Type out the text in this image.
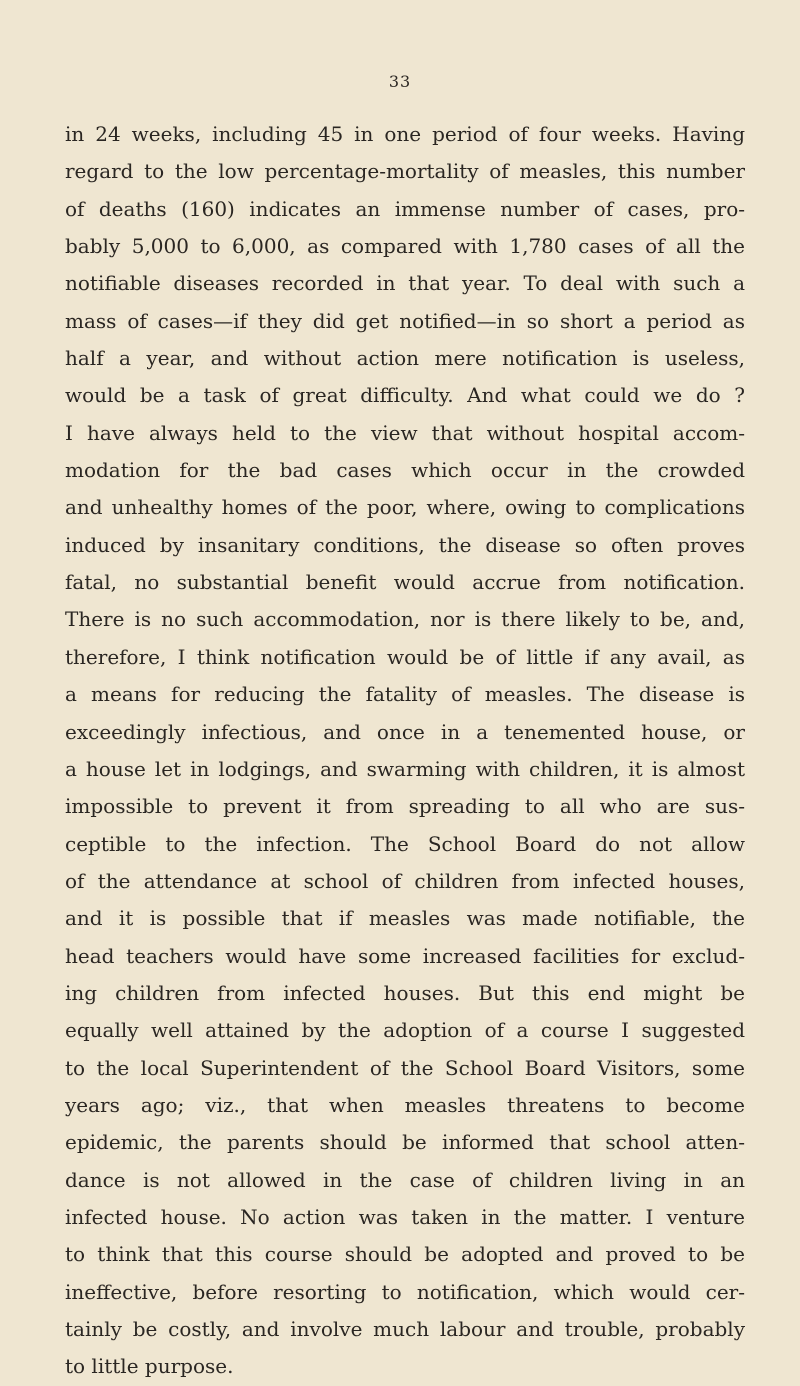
33
in 24 weeks, including 45 in one period of four weeks. Having
regard to the low percentage-mortality of measles, this number
of deaths (160) indicates an immense number of cases, pro-
bably 5,000 to 6,000, as compared with 1,780 cases of all the
notifiable diseases recorded in that year. To deal with such a
mass of cases—if they did get notified—in so short a period as
half a year, and without action mere notification is useless,
would be a task of great difficulty. And what could we do ?
I have always held to the view that without hospital accom-
modation for the bad cases which occur in the crowded
and unhealthy homes of the poor, where, owing to complications
induced by insanitary conditions, the disease so often proves
fatal, no substantial benefit would accrue from notification.
There is no such accommodation, nor is there likely to be, and,
therefore, I think notification would be of little if any avail, as
a means for reducing the fatality of measles. The disease is
exceedingly infectious, and once in a tenemented house, or
a house let in lodgings, and swarming with children, it is almost
impossible to prevent it from spreading to all who are sus-
ceptible to the infection. The School Board do not allow
of the attendance at school of children from infected houses,
and it is possible that if measles was made notifiable, the
head teachers would have some increased facilities for exclud-
ing children from infected houses. But this end might be
equally well attained by the adoption of a course I suggested
to the local Superintendent of the School Board Visitors, some
years ago; viz., that when measles threatens to become
epidemic, the parents should be informed that school atten-
dance is not allowed in the case of children living in an
infected house. No action was taken in the matter. I venture
to think that this course should be adopted and proved to be
ineffective, before resorting to notification, which would cer-
tainly be costly, and involve much labour and trouble, probably
to little purpose.
